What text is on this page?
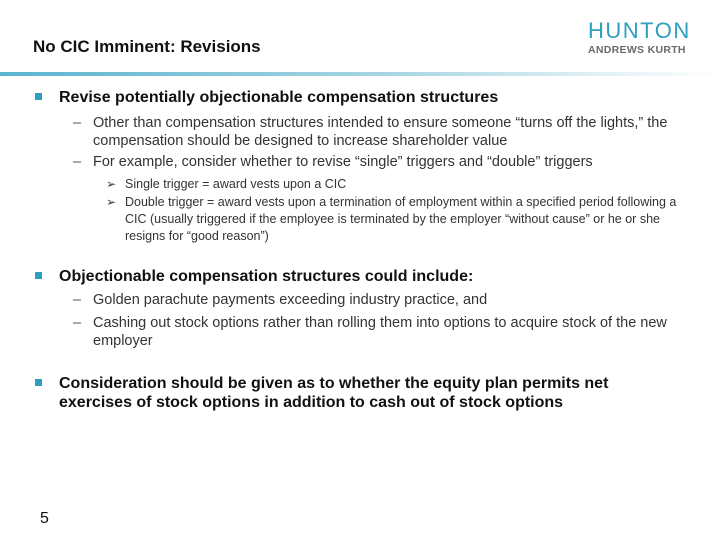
No CIC Imminent: Revisions
HUNTON
ANDREWS KURTH
Revise potentially objectionable compensation structures
– Other than compensation structures intended to ensure someone “turns off the lights,” the compensation should be designed to increase shareholder value
– For example, consider whether to revise “single” triggers and “double” triggers
➢ Single trigger = award vests upon a CIC
➢ Double trigger = award vests upon a termination of employment within a specified period following a CIC (usually triggered if the employee is terminated by the employer “without cause” or he or she resigns for “good reason”)
Objectionable compensation structures could include:
– Golden parachute payments exceeding industry practice, and
– Cashing out stock options rather than rolling them into options to acquire stock of the new employer
Consideration should be given as to whether the equity plan permits net exercises of stock options in addition to cash out of stock options
5
